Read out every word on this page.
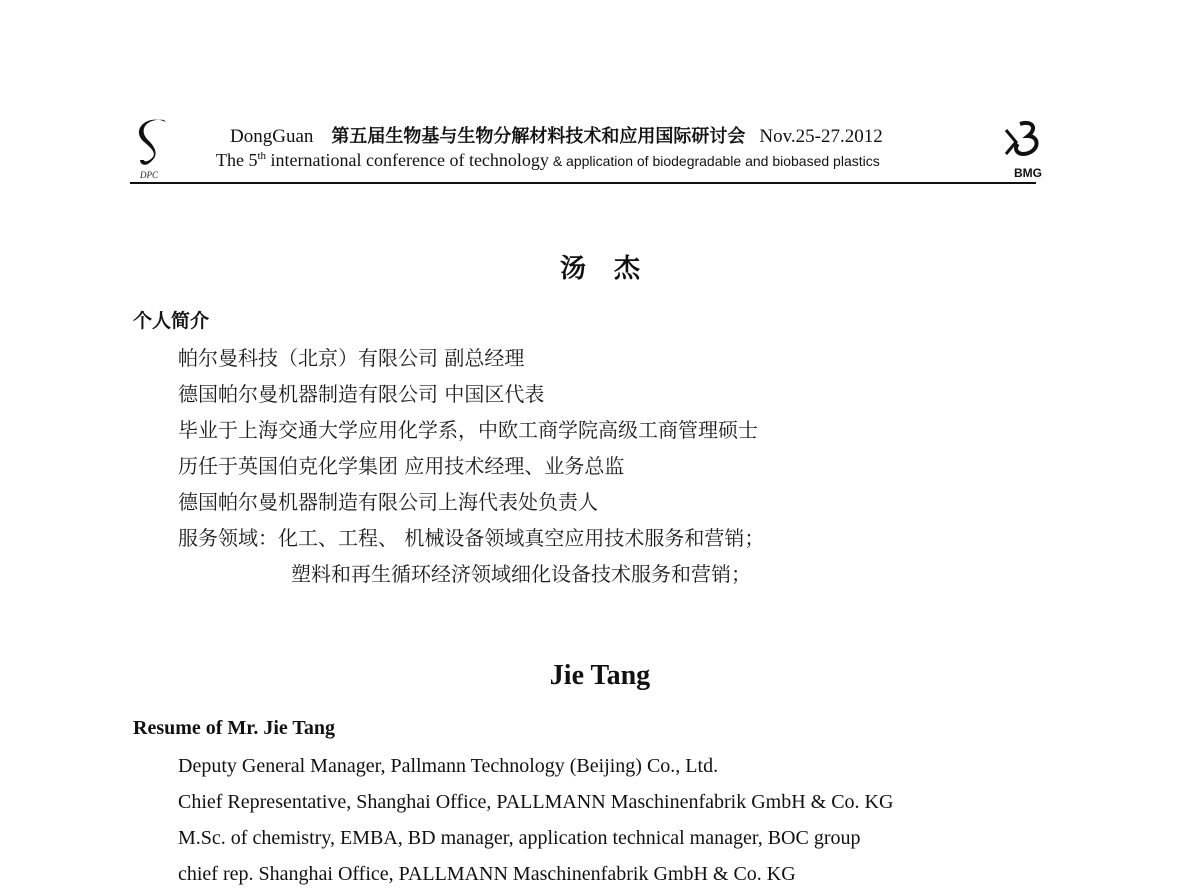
DPC
DongGuan 第五届生物基与生物分解材料技术和应用国际研讨会 Nov.25-27.2012
The 5th international conference of technology & application of biodegradable and biobased plastics
BMG
汤杰
个人简介
帕尔曼科技（北京）有限公司 副总经理
德国帕尔曼机器制造有限公司 中国区代表
毕业于上海交通大学应用化学系，中欧工商学院高级工商管理硕士
历任于英国伯克化学集团 应用技术经理、业务总监
德国帕尔曼机器制造有限公司上海代表处负责人
服务领域：化工、工程、 机械设备领域真空应用技术服务和营销；
塑料和再生循环经济领域细化设备技术服务和营销；
Jie Tang
Resume of Mr. Jie Tang
Deputy General Manager, Pallmann Technology (Beijing) Co., Ltd.
Chief Representative, Shanghai Office, PALLMANN Maschinenfabrik GmbH & Co. KG
M.Sc. of chemistry, EMBA, BD manager, application technical manager, BOC group
chief rep. Shanghai Office, PALLMANN Maschinenfabrik GmbH & Co. KG
